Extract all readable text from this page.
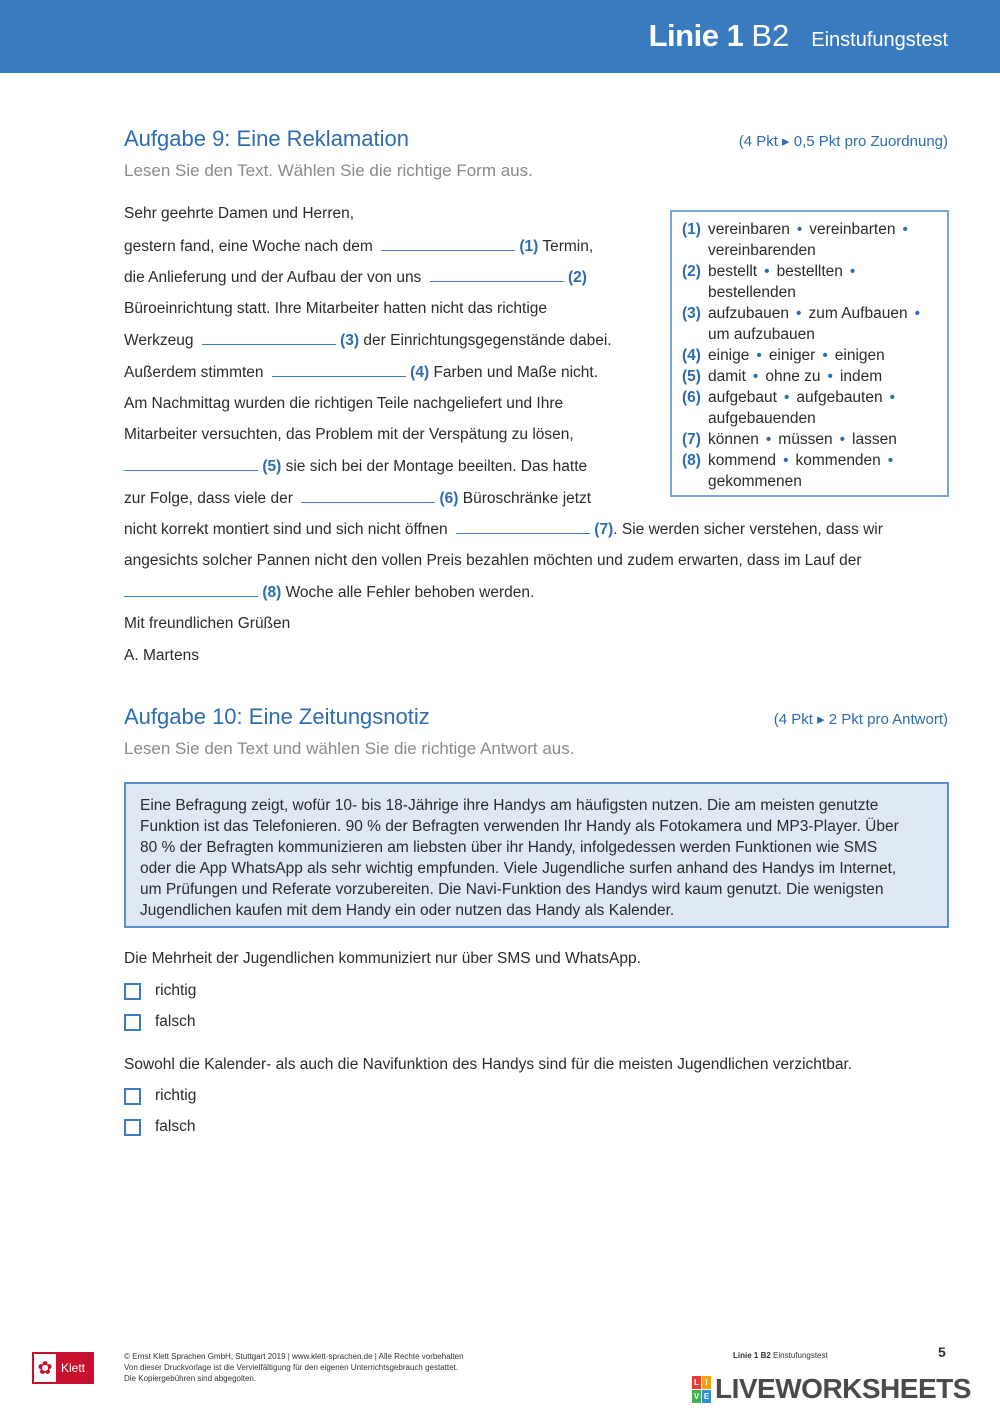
Linie 1 B2 Einstufungstest
Aufgabe 9: Eine Reklamation	(4 Pkt ▸ 0,5 Pkt pro Zuordnung)
Lesen Sie den Text. Wählen Sie die richtige Form aus.
Sehr geehrte Damen und Herren,
gestern fand, eine Woche nach dem	(1) Termin,
die Anlieferung und der Aufbau der von uns	(2)
Büroeinrichtung statt. Ihre Mitarbeiter hatten nicht das richtige
Werkzeug	(3) der Einrichtungsgegenstände dabei.
Außerdem stimmten	(4) Farben und Maße nicht.
Am Nachmittag wurden die richtigen Teile nachgeliefert und Ihre
Mitarbeiter versuchten, das Problem mit der Verspätung zu lösen,
(5) sie sich bei der Montage beeilten. Das hatte
zur Folge, dass viele der	(6) Büroschränke jetzt
nicht korrekt montiert sind und sich nicht öffnen	(7). Sie werden sicher verstehen, dass wir
angesichts solcher Pannen nicht den vollen Preis bezahlen möchten und zudem erwarten, dass im Lauf der
(8) Woche alle Fehler behoben werden.
Mit freundlichen Grüßen
A. Martens
(1) vereinbaren • vereinbarten •
vereinbarenden
(2) bestellt • bestellten •
bestellenden
(3) aufzubauen • zum Aufbauen •
um aufzubauen
(4) einige • einiger • einigen
(5) damit • ohne zu • indem
(6) aufgebaut • aufgebauten •
aufgebauenden
(7) können • müssen • lassen
(8) kommend • kommenden •
gekommenen
Aufgabe 10: Eine Zeitungsnotiz	(4 Pkt ▸ 2 Pkt pro Antwort)
Lesen Sie den Text und wählen Sie die richtige Antwort aus.
Eine Befragung zeigt, wofür 10- bis 18-Jährige ihre Handys am häufigsten nutzen. Die am meisten genutzte
Funktion ist das Telefonieren. 90 % der Befragten verwenden Ihr Handy als Fotokamera und MP3-Player. Über
80 % der Befragten kommunizieren am liebsten über ihr Handy, infolgedessen werden Funktionen wie SMS
oder die App WhatsApp als sehr wichtig empfunden. Viele Jugendliche surfen anhand des Handys im Internet,
um Prüfungen und Referate vorzubereiten. Die Navi-Funktion des Handys wird kaum genutzt. Die wenigsten
Jugendlichen kaufen mit dem Handy ein oder nutzen das Handy als Kalender.
Die Mehrheit der Jugendlichen kommuniziert nur über SMS und WhatsApp.
richtig
falsch
Sowohl die Kalender- als auch die Navifunktion des Handys sind für die meisten Jugendlichen verzichtbar.
richtig
falsch
✿ Klett
© Ernst Klett Sprachen GmbH, Stuttgart 2019 | www.klett-sprachen.de | Alle Rechte vorbehalten
Von dieser Druckvorlage ist die Vervielfältigung für den eigenen Unterrichtsgebrauch gestattet.
Die Kopiergebühren sind abgegolten.
Linie 1 B2 Einstufungstest	5
L I
V E LIVEWORKSHEETS
